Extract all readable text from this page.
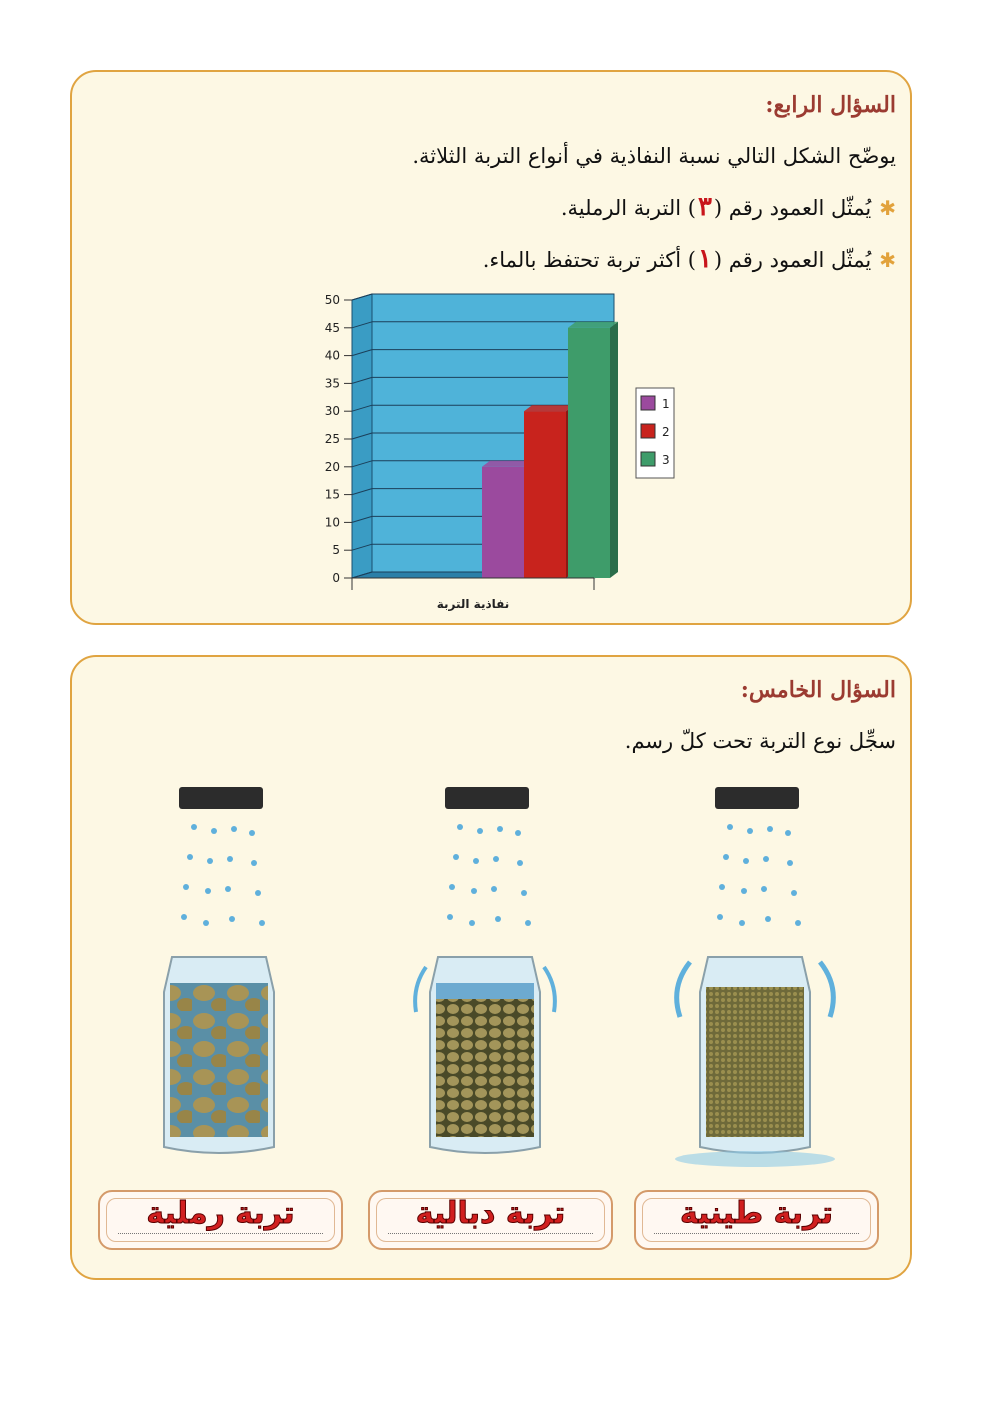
السؤال الرابع:
يوضّح الشكل التالي نسبة النفاذية في أنواع التربة الثلاثة.
✱يُمثّل العمود رقم (٣) التربة الرملية.
✱يُمثّل العمود رقم (١) أكثر تربة تحتفظ بالماء.
0
5
10
15
20
25
30
35
40
45
50
نفاذية التربة
1
2
3
السؤال الخامس:
سجِّل نوع التربة تحت كلّ رسم.
تربة طينية
تربة دبالية
تربة رملية
